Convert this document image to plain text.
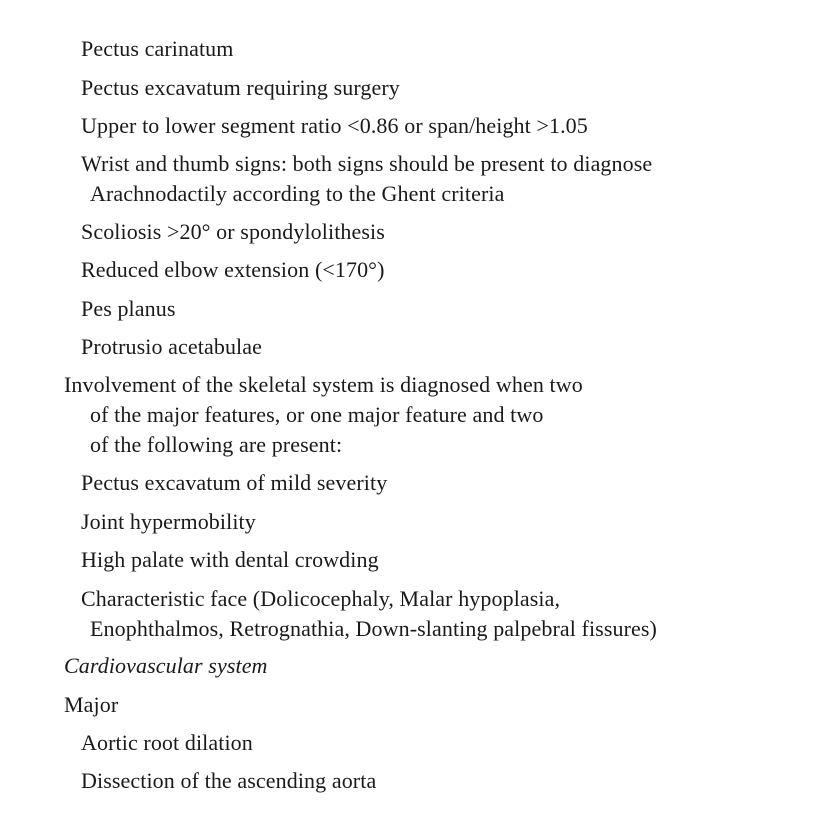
Pectus carinatum
Pectus excavatum requiring surgery
Upper to lower segment ratio <0.86 or span/height >1.05
Wrist and thumb signs: both signs should be present to diagnose
Arachnodactily according to the Ghent criteria
Scoliosis >20° or spondylolithesis
Reduced elbow extension (<170°)
Pes planus
Protrusio acetabulae
Involvement of the skeletal system is diagnosed when two
of the major features, or one major feature and two
of the following are present:
Pectus excavatum of mild severity
Joint hypermobility
High palate with dental crowding
Characteristic face (Dolicocephaly, Malar hypoplasia,
Enophthalmos, Retrognathia, Down-slanting palpebral fissures)
Cardiovascular system
Major
Aortic root dilation
Dissection of the ascending aorta
